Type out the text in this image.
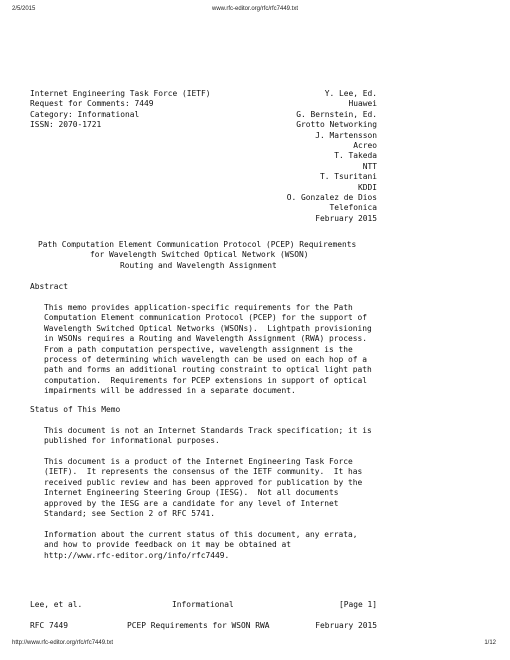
2/5/2015	www.rfc-editor.org/rfc/rfc7449.txt
Internet Engineering Task Force (IETF)
Request for Comments: 7449
Category: Informational
ISSN: 2070-1721
Y. Lee, Ed.
Huawei
G. Bernstein, Ed.
Grotto Networking
J. Martensson
Acreo
T. Takeda
NTT
T. Tsuritani
KDDI
O. Gonzalez de Dios
Telefonica
February 2015
Path Computation Element Communication Protocol (PCEP) Requirements
for Wavelength Switched Optical Network (WSON)
Routing and Wavelength Assignment
Abstract
This memo provides application-specific requirements for the Path
Computation Element communication Protocol (PCEP) for the support of
Wavelength Switched Optical Networks (WSONs).  Lightpath provisioning
in WSONs requires a Routing and Wavelength Assignment (RWA) process.
From a path computation perspective, wavelength assignment is the
process of determining which wavelength can be used on each hop of a
path and forms an additional routing constraint to optical light path
computation.  Requirements for PCEP extensions in support of optical
impairments will be addressed in a separate document.
Status of This Memo
This document is not an Internet Standards Track specification; it is
published for informational purposes.
This document is a product of the Internet Engineering Task Force
(IETF).  It represents the consensus of the IETF community.  It has
received public review and has been approved for publication by the
Internet Engineering Steering Group (IESG).  Not all documents
approved by the IESG are a candidate for any level of Internet
Standard; see Section 2 of RFC 5741.
Information about the current status of this document, any errata,
and how to provide feedback on it may be obtained at
http://www.rfc-editor.org/info/rfc7449.
Lee, et al.	Informational	[Page 1]
RFC 7449	PCEP Requirements for WSON RWA	February 2015
http://www.rfc-editor.org/rfc/rfc7449.txt	1/12
